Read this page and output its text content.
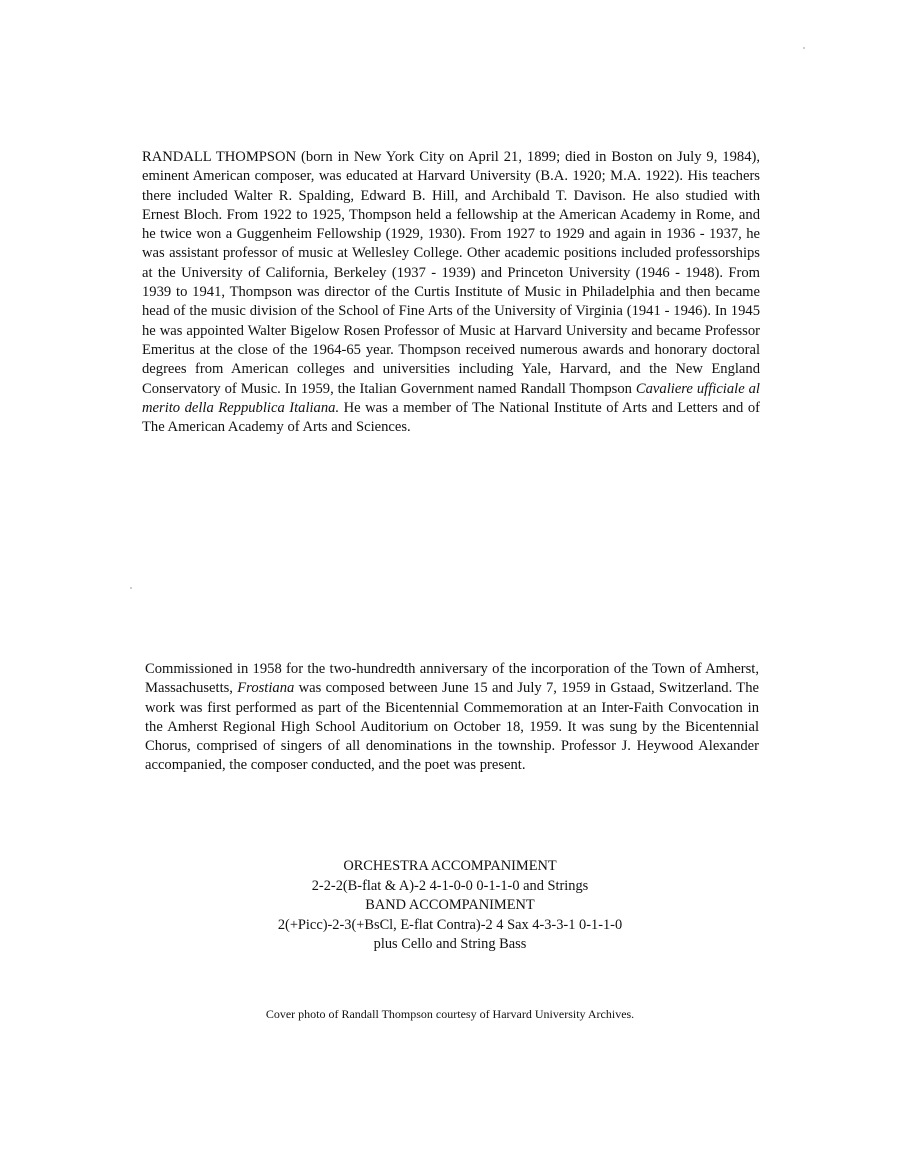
RANDALL THOMPSON (born in New York City on April 21, 1899; died in Boston on July 9, 1984), eminent American composer, was educated at Harvard University (B.A. 1920; M.A. 1922). His teachers there included Walter R. Spalding, Edward B. Hill, and Archibald T. Davison. He also studied with Ernest Bloch. From 1922 to 1925, Thompson held a fellowship at the American Academy in Rome, and he twice won a Guggenheim Fellowship (1929, 1930). From 1927 to 1929 and again in 1936 - 1937, he was assistant professor of music at Wellesley College. Other academic positions included professorships at the University of California, Berkeley (1937 - 1939) and Princeton University (1946 - 1948). From 1939 to 1941, Thompson was director of the Curtis Institute of Music in Philadelphia and then became head of the music division of the School of Fine Arts of the University of Virginia (1941 - 1946). In 1945 he was appointed Walter Bigelow Rosen Professor of Music at Harvard University and became Professor Emeritus at the close of the 1964-65 year. Thompson received numerous awards and honorary doctoral degrees from American colleges and universities including Yale, Harvard, and the New England Conservatory of Music. In 1959, the Italian Government named Randall Thompson Cavaliere ufficiale al merito della Reppublica Italiana. He was a member of The National Institute of Arts and Letters and of The American Academy of Arts and Sciences.
Commissioned in 1958 for the two-hundredth anniversary of the incorporation of the Town of Amherst, Massachusetts, Frostiana was composed between June 15 and July 7, 1959 in Gstaad, Switzerland. The work was first performed as part of the Bicentennial Commemoration at an Inter-Faith Convocation in the Amherst Regional High School Auditorium on October 18, 1959. It was sung by the Bicentennial Chorus, comprised of singers of all denominations in the township. Professor J. Heywood Alexander accompanied, the composer conducted, and the poet was present.
ORCHESTRA ACCOMPANIMENT
2-2-2(B-flat & A)-2 4-1-0-0 0-1-1-0 and Strings
BAND ACCOMPANIMENT
2(+Picc)-2-3(+BsCl, E-flat Contra)-2 4 Sax 4-3-3-1 0-1-1-0
plus Cello and String Bass
Cover photo of Randall Thompson courtesy of Harvard University Archives.
